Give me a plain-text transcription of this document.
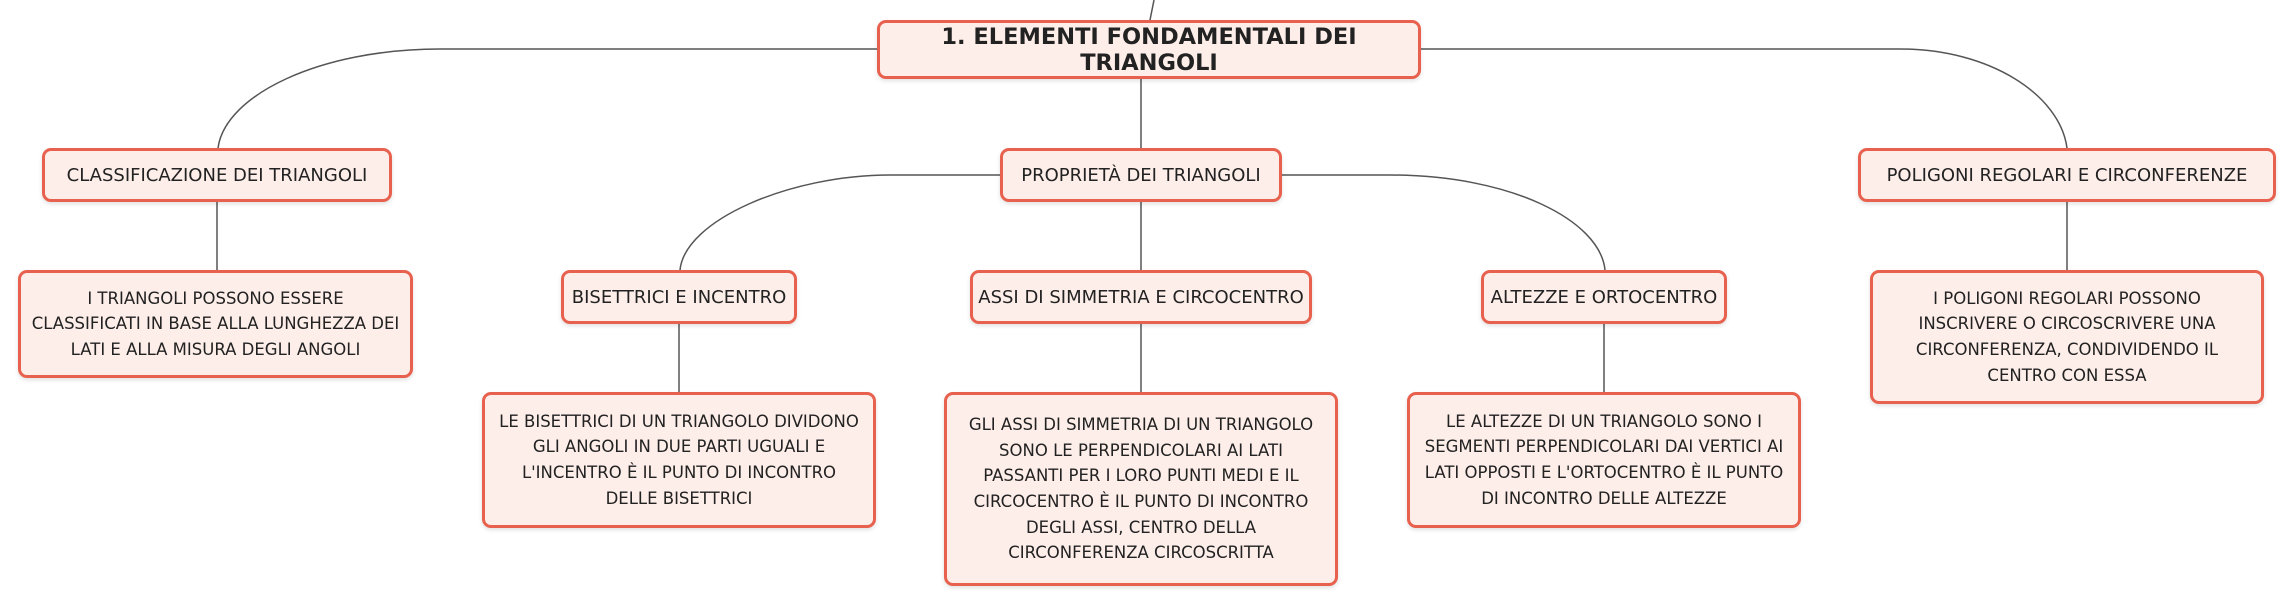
1. ELEMENTI FONDAMENTALI DEI TRIANGOLI
CLASSIFICAZIONE DEI TRIANGOLI	PROPRIETÀ DEI TRIANGOLI	POLIGONI REGOLARI E CIRCONFERENZE
I TRIANGOLI POSSONO ESSERE CLASSIFICATI IN BASE ALLA LUNGHEZZA DEI LATI E ALLA MISURA DEGLI ANGOLI
BISETTRICI E INCENTRO	ASSI DI SIMMETRIA E CIRCOCENTRO	ALTEZZE E ORTOCENTRO	I POLIGONI REGOLARI POSSONO INSCRIVERE O CIRCOSCRIVERE UNA CIRCONFERENZA, CONDIVIDENDO IL CENTRO CON ESSA
LE BISETTRICI DI UN TRIANGOLO DIVIDONO GLI ANGOLI IN DUE PARTI UGUALI E L'INCENTRO È IL PUNTO DI INCONTRO DELLE BISETTRICI
GLI ASSI DI SIMMETRIA DI UN TRIANGOLO SONO LE PERPENDICOLARI AI LATI PASSANTI PER I LORO PUNTI MEDI E IL CIRCOCENTRO È IL PUNTO DI INCONTRO DEGLI ASSI, CENTRO DELLA CIRCONFERENZA CIRCOSCRITTA
LE ALTEZZE DI UN TRIANGOLO SONO I SEGMENTI PERPENDICOLARI DAI VERTICI AI LATI OPPOSTI E L'ORTOCENTRO È IL PUNTO DI INCONTRO DELLE ALTEZZE
